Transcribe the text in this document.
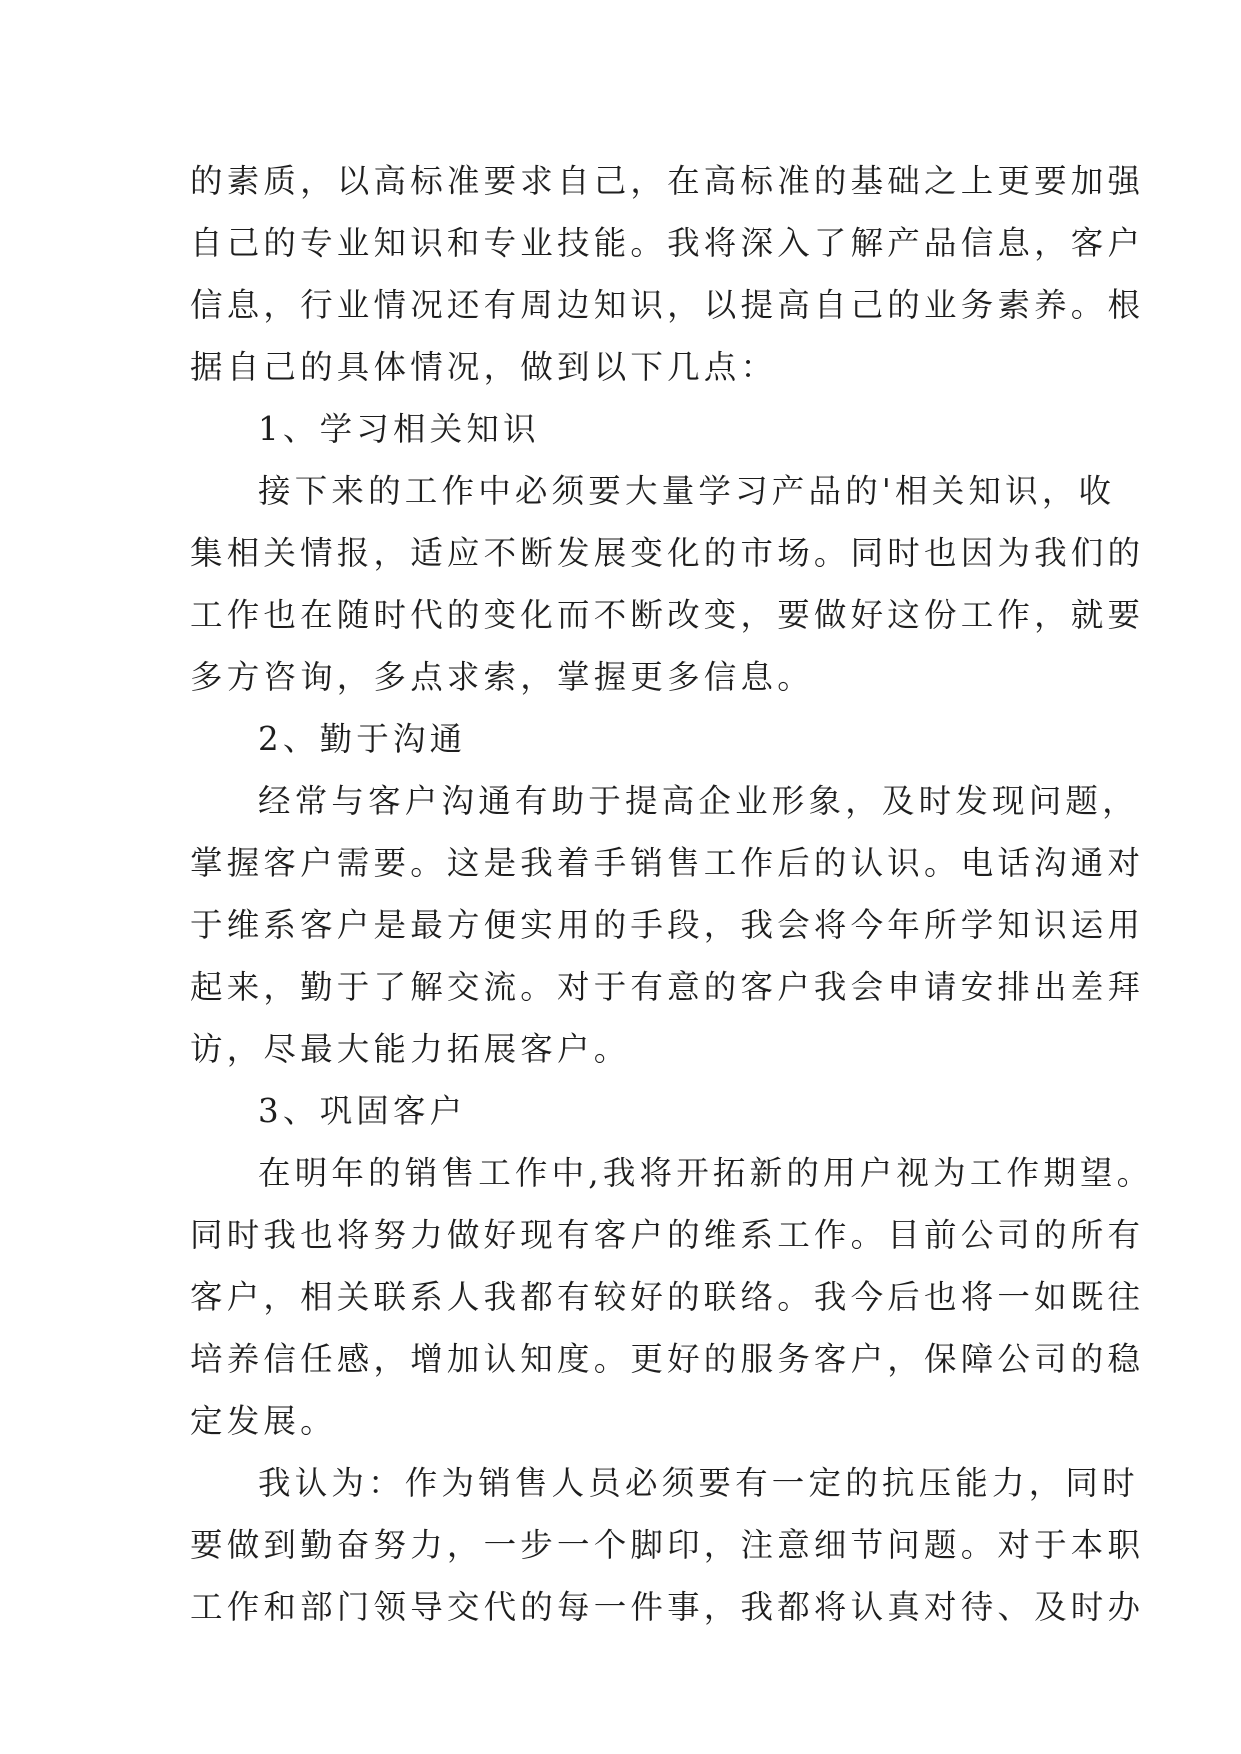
的素质，以高标准要求自己，在高标准的基础之上更要加强
自己的专业知识和专业技能。我将深入了解产品信息，客户
信息，行业情况还有周边知识，以提高自己的业务素养。根
据自己的具体情况，做到以下几点：
1、学习相关知识
接下来的工作中必须要大量学习产品的'相关知识，收
集相关情报，适应不断发展变化的市场。同时也因为我们的
工作也在随时代的变化而不断改变，要做好这份工作，就要
多方咨询，多点求索，掌握更多信息。
2、勤于沟通
经常与客户沟通有助于提高企业形象，及时发现问题，
掌握客户需要。这是我着手销售工作后的认识。电话沟通对
于维系客户是最方便实用的手段，我会将今年所学知识运用
起来，勤于了解交流。对于有意的客户我会申请安排出差拜
访，尽最大能力拓展客户。
3、巩固客户
在明年的销售工作中,我将开拓新的用户视为工作期望。
同时我也将努力做好现有客户的维系工作。目前公司的所有
客户，相关联系人我都有较好的联络。我今后也将一如既往
培养信任感，增加认知度。更好的服务客户，保障公司的稳
定发展。
我认为：作为销售人员必须要有一定的抗压能力，同时
要做到勤奋努力，一步一个脚印，注意细节问题。对于本职
工作和部门领导交代的每一件事，我都将认真对待、及时办
